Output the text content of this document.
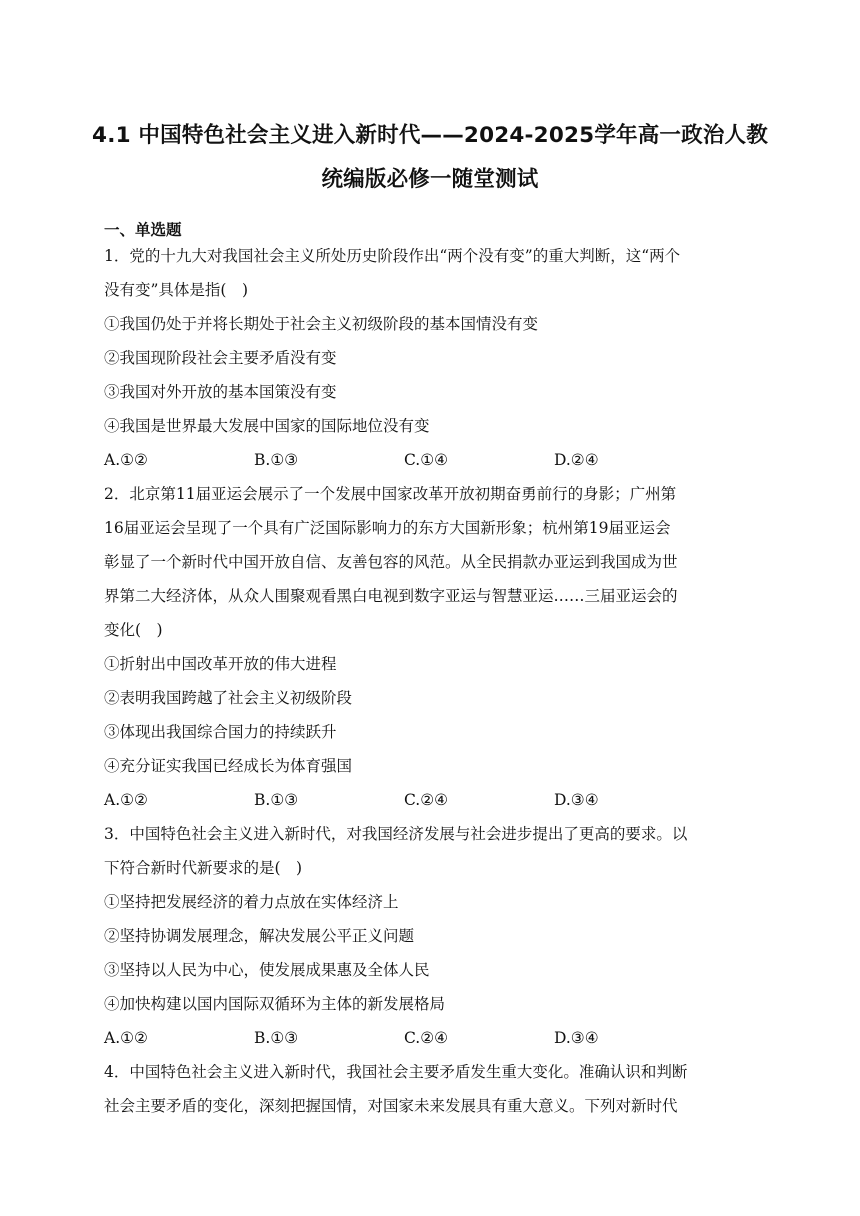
4.1 中国特色社会主义进入新时代——2024-2025学年高一政治人教
统编版必修一随堂测试
一、单选题
1．党的十九大对我国社会主义所处历史阶段作出“两个没有变”的重大判断，这“两个
没有变”具体是指(　)
①我国仍处于并将长期处于社会主义初级阶段的基本国情没有变
②我国现阶段社会主要矛盾没有变
③我国对外开放的基本国策没有变
④我国是世界最大发展中国家的国际地位没有变
A.①②	B.①③	C.①④	D.②④
2．北京第11届亚运会展示了一个发展中国家改革开放初期奋勇前行的身影；广州第
16届亚运会呈现了一个具有广泛国际影响力的东方大国新形象；杭州第19届亚运会
彰显了一个新时代中国开放自信、友善包容的风范。从全民捐款办亚运到我国成为世
界第二大经济体，从众人围聚观看黑白电视到数字亚运与智慧亚运……三届亚运会的
变化(　)
①折射出中国改革开放的伟大进程
②表明我国跨越了社会主义初级阶段
③体现出我国综合国力的持续跃升
④充分证实我国已经成长为体育强国
A.①②	B.①③	C.②④	D.③④
3．中国特色社会主义进入新时代，对我国经济发展与社会进步提出了更高的要求。以
下符合新时代新要求的是(　)
①坚持把发展经济的着力点放在实体经济上
②坚持协调发展理念，解决发展公平正义问题
③坚持以人民为中心，使发展成果惠及全体人民
④加快构建以国内国际双循环为主体的新发展格局
A.①②	B.①③	C.②④	D.③④
4．中国特色社会主义进入新时代，我国社会主要矛盾发生重大变化。准确认识和判断
社会主要矛盾的变化，深刻把握国情，对国家未来发展具有重大意义。下列对新时代
